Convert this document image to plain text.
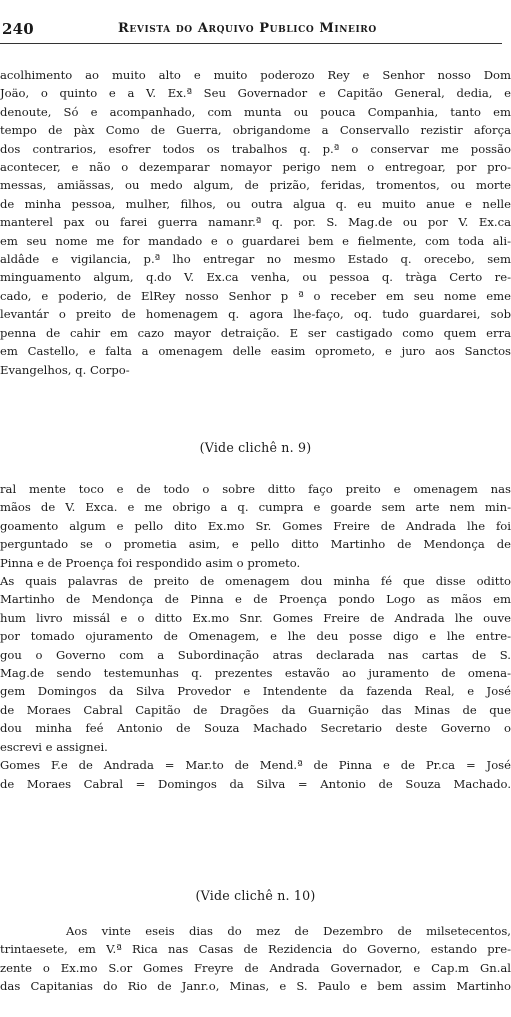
240	Revista do Arquivo Publico Mineiro
acolhimento ao muito alto e muito poderozo Rey e Senhor nosso Dom
Joäo, o quinto e a V. Ex.ª Seu Governador e Capitão General, dedia, e
denoute, Só e acompanhado, com munta ou pouca Companhia, tanto em
tempo de pàx Como de Guerra, obrigandome a Conservallo rezistir aforça
dos contrarios, esofrer todos os trabalhos q. p.ª o conservar me possão
acontecer, e não o dezemparar nomayor perigo nem o entregoar, por pro-
messas, amiãssas, ou medo algum, de prizão, feridas, tromentos, ou morte
de minha pessoa, mulher, filhos, ou outra algua q. eu muito anue e nelle
manterel pax ou farei guerra namanr.ª q. por. S. Mag.de ou por V. Ex.ca
em seu nome me for mandado e o guardarei bem e fielmente, com toda ali-
aldâde e vigilancia, p.ª lho entregar no mesmo Estado q. orecebo, sem
minguamento algum, q.do V. Ex.ca venha, ou pessoa q. tràga Certo re-
cado, e poderio, de ElRey nosso Senhor p ª o receber em seu nome eme
levantár o preito de homenagem q. agora lhe-faço, oq. tudo guardarei, sob
penna de cahir em cazo mayor detraição. E ser castigado como quem erra
em Castello, e falta a omenagem delle easim oprometo, e juro aos Sanctos
Evangelhos, q. Corpo-
(Vide clichê n. 9)
ral mente toco e de todo o sobre ditto faço preito e omenagem nas
mãos de V. Exca. e me obrigo a q. cumpra e goarde sem arte nem min-
goamento algum e pello dito Ex.mo Sr. Gomes Freire de Andrada lhe foi
perguntado se o prometia asim, e pello ditto Martinho de Mendonça de
Pinna e de Proença foi respondido asim o prometo.
As quais palavras de preito de omenagem dou minha fé que disse oditto
Martinho de Mendonça de Pinna e de Proença pondo Logo as mãos em
hum livro missál e o ditto Ex.mo Snr. Gomes Freire de Andrada lhe ouve
por tomado ojuramento de Omenagem, e lhe deu posse digo e lhe entre-
gou o Governo com a Subordinação atras declarada nas cartas de S.
Mag.de sendo testemunhas q. prezentes estavão ao juramento de omena-
gem Domingos da Silva Provedor e Intendente da fazenda Real, e José
de Moraes Cabral Capitão de Dragões da Guarnição das Minas de que
dou minha feé Antonio de Souza Machado Secretario deste Governo o
escrevi e assignei.
Gomes F.e de Andrada = Mar.to de Mend.ª de Pinna e de Pr.ca = José
de Moraes Cabral = Domingos da Silva = Antonio de Souza Machado.
(Vide clichê n. 10)
Aos vinte eseis dias do mez de Dezembro de milsetecentos,
trintaesete, em V.ª Rica nas Casas de Rezidencia do Governo, estando pre-
zente o Ex.mo S.or Gomes Freyre de Andrada Governador, e Cap.m Gn.al
das Capitanias do Rio de Janr.o, Minas, e S. Paulo e bem assim Martinho
